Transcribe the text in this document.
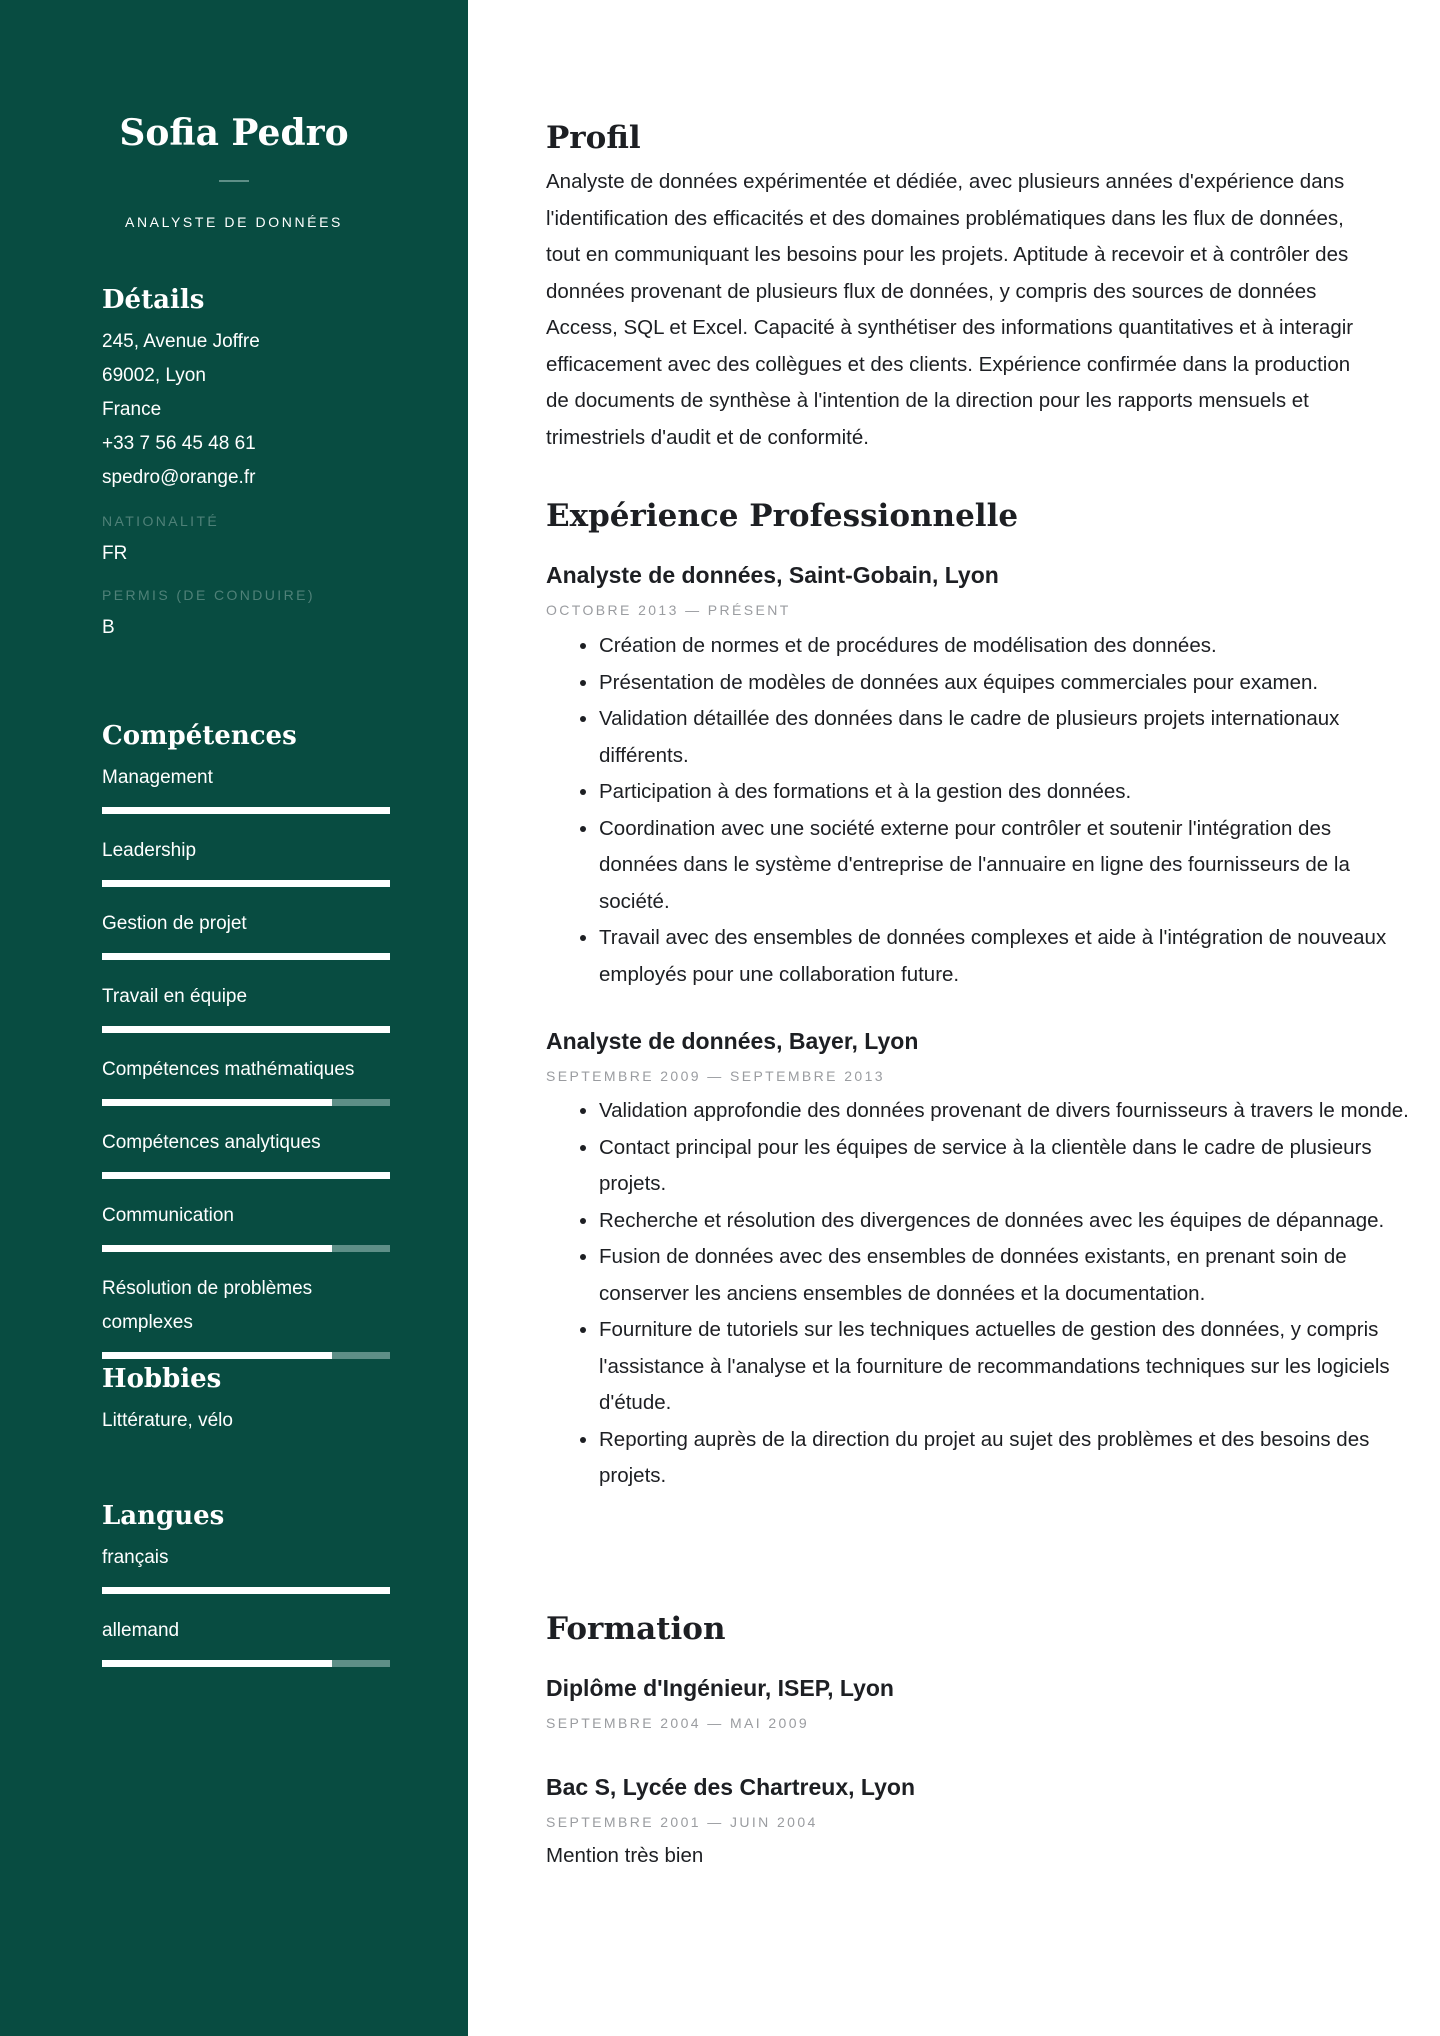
Sofia Pedro
ANALYSTE DE DONNÉES
Détails
245, Avenue Joffre
69002, Lyon
France
+33 7 56 45 48 61
spedro@orange.fr
NATIONALITÉ
FR
PERMIS (DE CONDUIRE)
B
Compétences
Management
Leadership
Gestion de projet
Travail en équipe
Compétences mathématiques
Compétences analytiques
Communication
Résolution de problèmes complexes
Hobbies
Littérature, vélo
Langues
français
allemand
Profil

Analyste de données expérimentée et dédiée, avec plusieurs années d'expérience dans l'identification des efficacités et des domaines problématiques dans les flux de données, tout en communiquant les besoins pour les projets. Aptitude à recevoir et à contrôler des données provenant de plusieurs flux de données, y compris des sources de données Access, SQL et Excel. Capacité à synthétiser des informations quantitatives et à interagir efficacement avec des collègues et des clients. Expérience confirmée dans la production de documents de synthèse à l'intention de la direction pour les rapports mensuels et trimestriels d'audit et de conformité.

Expérience Professionnelle
Analyste de données, Saint-Gobain, Lyon
OCTOBRE 2013 — PRÉSENT
• Création de normes et de procédures de modélisation des données.
• Présentation de modèles de données aux équipes commerciales pour examen.
• Validation détaillée des données dans le cadre de plusieurs projets internationaux différents.
• Participation à des formations et à la gestion des données.
• Coordination avec une société externe pour contrôler et soutenir l'intégration des données dans le système d'entreprise de l'annuaire en ligne des fournisseurs de la société.
• Travail avec des ensembles de données complexes et aide à l'intégration de nouveaux employés pour une collaboration future.
Analyste de données, Bayer, Lyon
SEPTEMBRE 2009 — SEPTEMBRE 2013
• Validation approfondie des données provenant de divers fournisseurs à travers le monde.
• Contact principal pour les équipes de service à la clientèle dans le cadre de plusieurs projets.
• Recherche et résolution des divergences de données avec les équipes de dépannage.
• Fusion de données avec des ensembles de données existants, en prenant soin de conserver les anciens ensembles de données et la documentation.
• Fourniture de tutoriels sur les techniques actuelles de gestion des données, y compris l'assistance à l'analyse et la fourniture de recommandations techniques sur les logiciels d'étude.
• Reporting auprès de la direction du projet au sujet des problèmes et des besoins des projets.
Formation
Diplôme d'Ingénieur, ISEP, Lyon
SEPTEMBRE 2004 — MAI 2009
Bac S, Lycée des Chartreux, Lyon
SEPTEMBRE 2001 — JUIN 2004
Mention très bien
